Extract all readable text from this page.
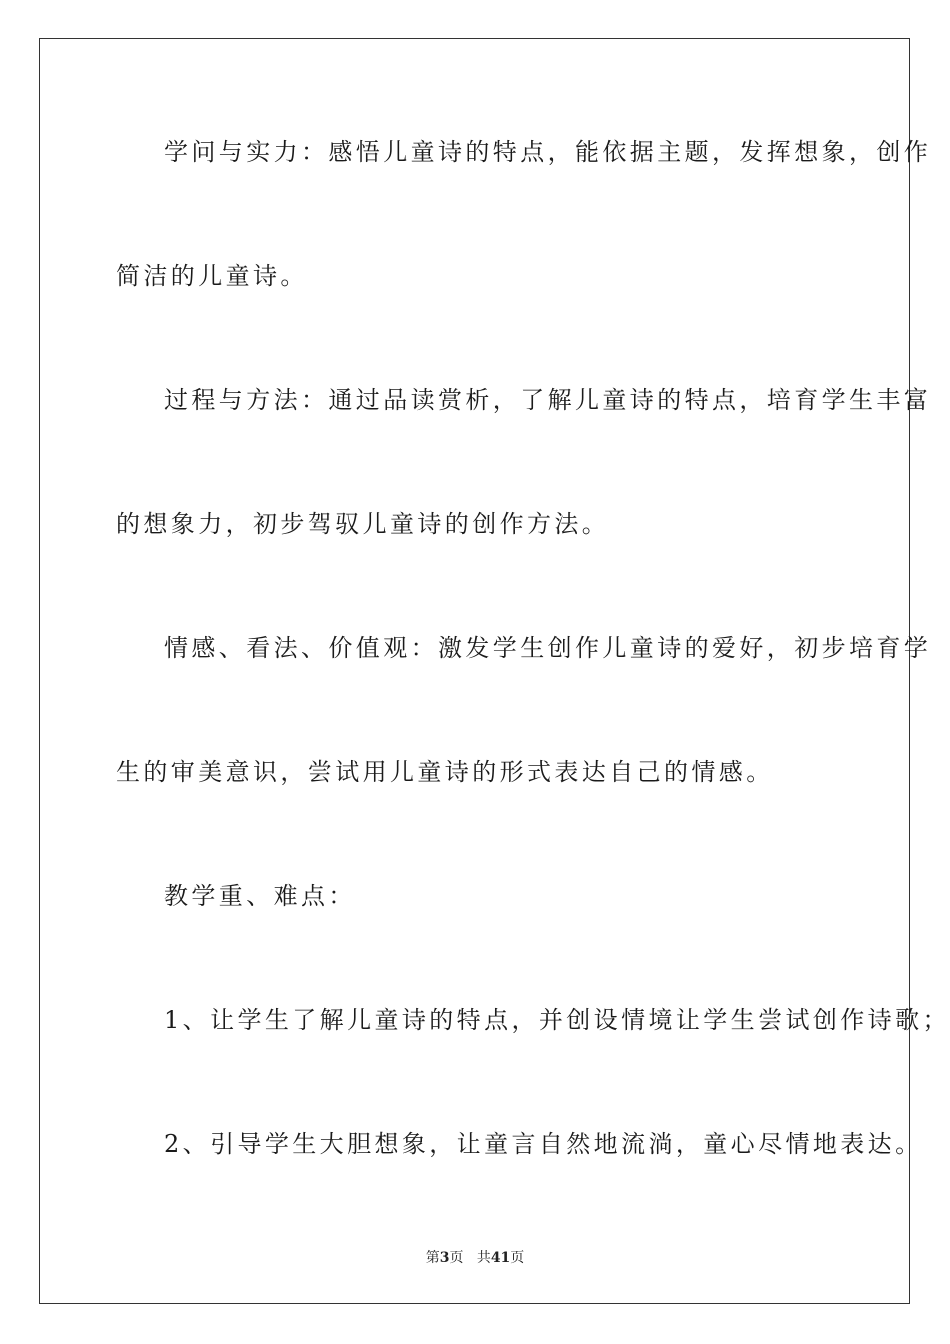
学问与实力：感悟儿童诗的特点，能依据主题，发挥想象，创作
简洁的儿童诗。
过程与方法：通过品读赏析，了解儿童诗的特点，培育学生丰富
的想象力，初步驾驭儿童诗的创作方法。
情感、看法、价值观：激发学生创作儿童诗的爱好，初步培育学
生的审美意识，尝试用儿童诗的形式表达自己的情感。
教学重、难点：
1、让学生了解儿童诗的特点，并创设情境让学生尝试创作诗歌；
2、引导学生大胆想象，让童言自然地流淌，童心尽情地表达。
第3页 共41页
